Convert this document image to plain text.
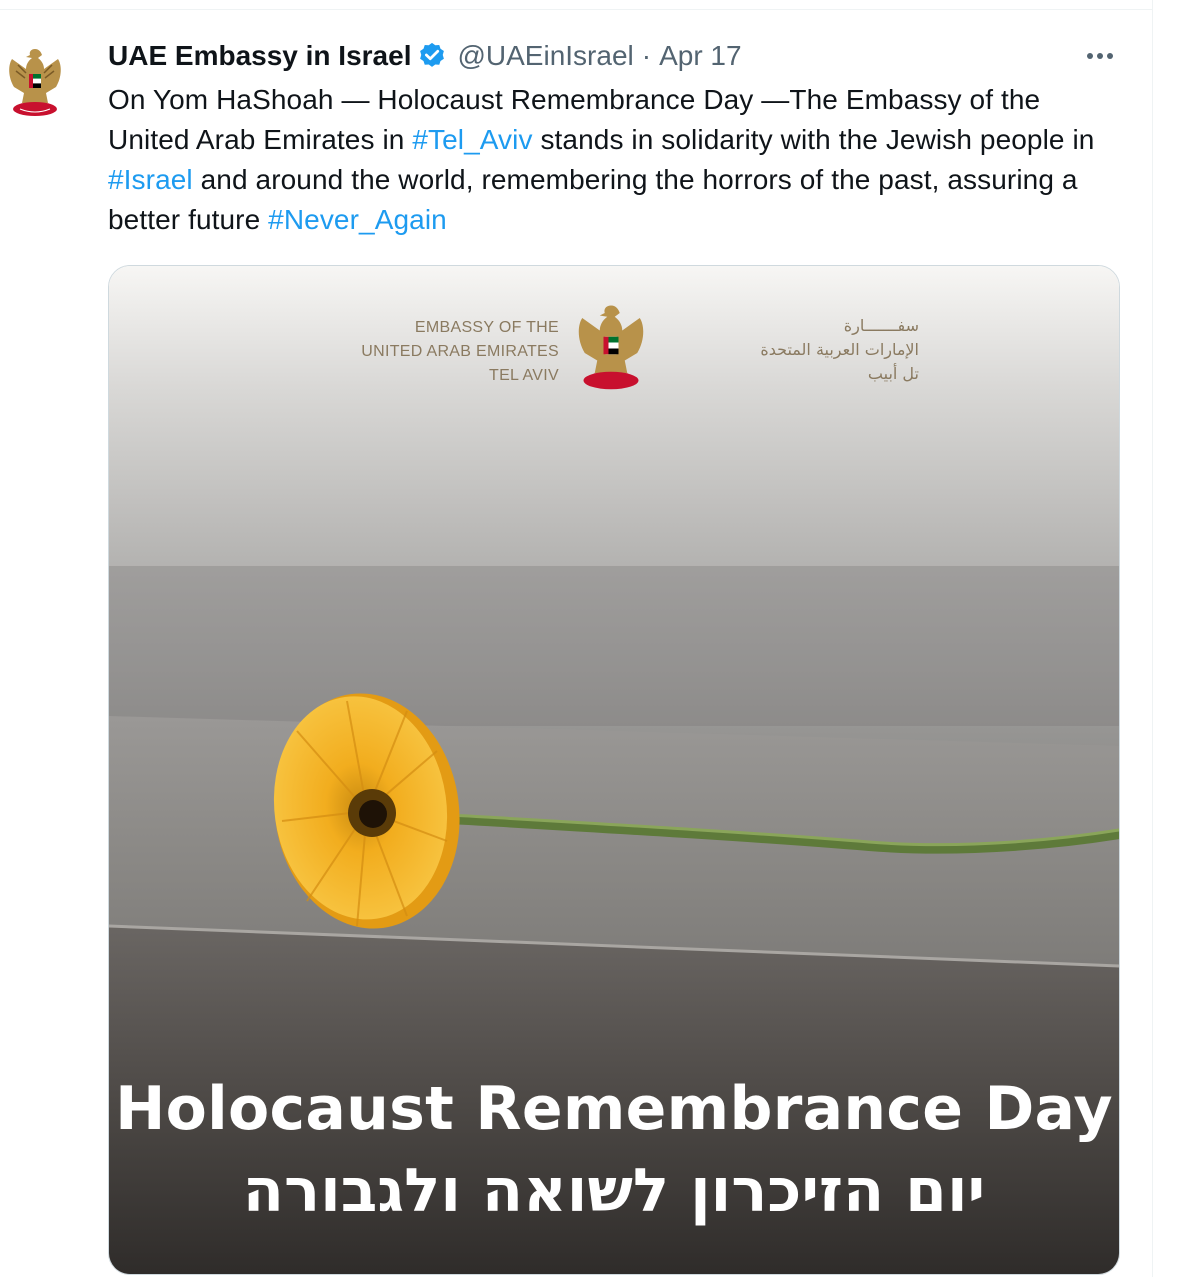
UAE Embassy in Israel @UAEinIsrael · Apr 17
On Yom HaShoah — Holocaust Remembrance Day —The Embassy of the United Arab Emirates in #Tel_Aviv stands in solidarity with the Jewish people in #Israel and around the world, remembering the horrors of the past, assuring a better future #Never_Again
EMBASSY OF THE
UNITED ARAB EMIRATES
TEL AVIV
سفـــــــارة
الإمارات العربية المتحدة
تل أبيب
Holocaust Remembrance Day
יום הזיכרון לשואה ולגבורה
